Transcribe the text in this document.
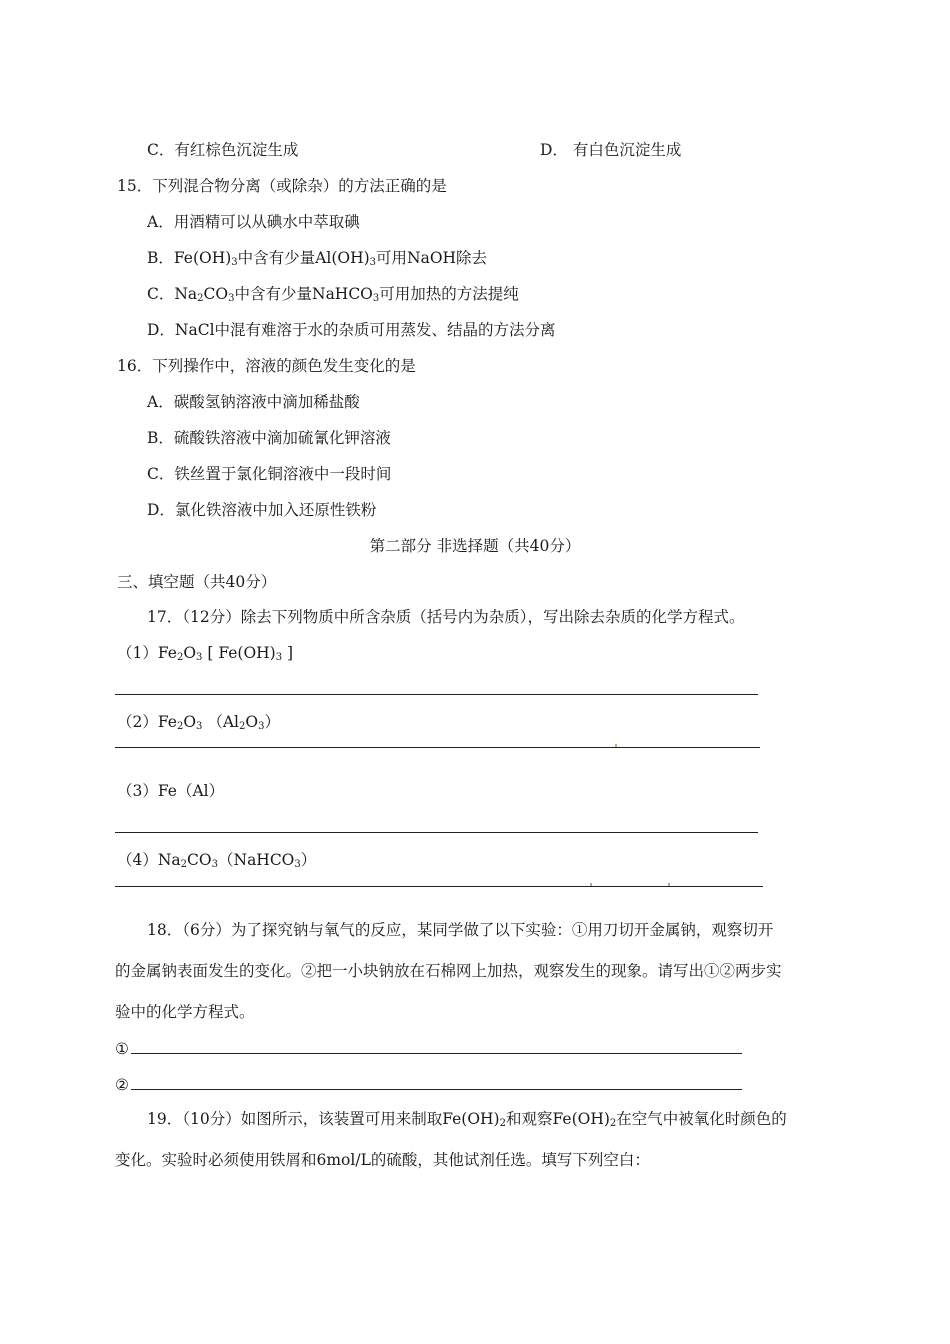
C．有红棕色沉淀生成	D． 有白色沉淀生成
15．下列混合物分离（或除杂）的方法正确的是
A．用酒精可以从碘水中萃取碘
B．$Fe(OH)_3$中含有少量$Al(OH)_3$可用NaOH除去
C．$Na_2CO_3$中含有少量NaHCO$_3$可用加热的方法提纯
D．NaCl中混有难溶于水的杂质可用蒸发、结晶的方法分离
16．下列操作中，溶液的颜色发生变化的是
A．碳酸氢钠溶液中滴加稀盐酸
B．硫酸铁溶液中滴加硫氰化钾溶液
C．铁丝置于氯化铜溶液中一段时间
D．氯化铁溶液中加入还原性铁粉
第二部分 非选择题（共40分）
三、填空题（共40分）
17．（12分）除去下列物质中所含杂质（括号内为杂质），写出除去杂质的化学方程式。
$(1)Fe_2O_3$ [ $Fe(OH)_3$ ]
$(2)Fe_2O_3$ $(Al_2O_3)$
（3）Fe（Al）
$(4)Na_2CO_3(NaHCO_3)$
18．（6分）为了探究钠与氧气的反应，某同学做了以下实验：①用刀切开金属钠，观察切开
的金属钠表面发生的变化。②把一小块钠放在石棉网上加热，观察发生的现象。请写出①②两步实
验中的化学方程式。
①
②
19．（10分）如图所示，该装置可用来制取$Fe(OH)_2$和观察$Fe(OH)_2$在空气中被氧化时颜色的
变化。实验时必须使用铁屑和6mol/L的硫酸，其他试剂任选。填写下列空白：
